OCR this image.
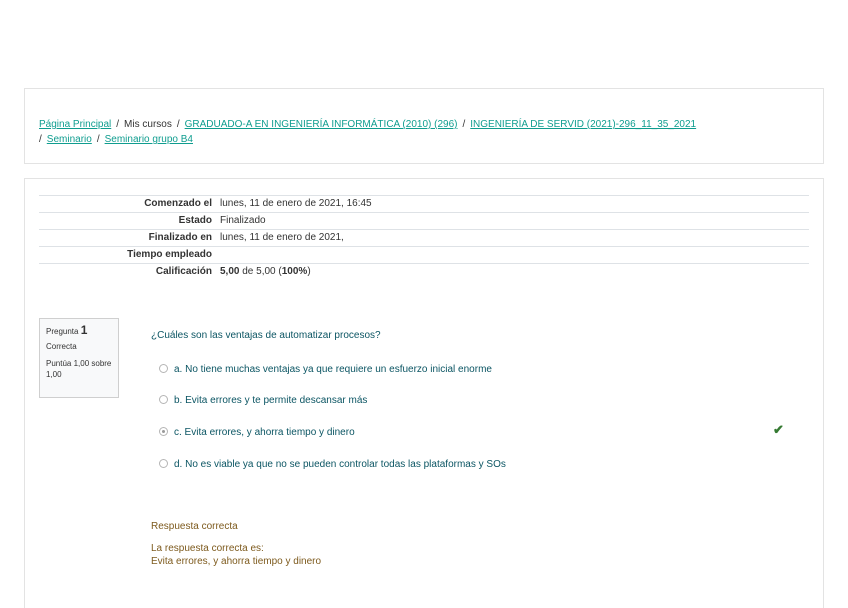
Página Principal / Mis cursos / GRADUADO-A EN INGENIERÍA INFORMÁTICA (2010) (296) / INGENIERÍA DE SERVID (2021)-296_11_35_2021
/ Seminario / Seminario grupo B4
Comenzado el	lunes, 11 de enero de 2021, 16:45
Estado	Finalizado
Finalizado en	lunes, 11 de enero de 2021,
Tiempo empleado	
Calificación	5,00 de 5,00 (100%)
Pregunta 1
Correcta
Puntúa 1,00 sobre 1,00
¿Cuáles son las ventajas de automatizar procesos?
a. No tiene muchas ventajas ya que requiere un esfuerzo inicial enorme
b. Evita errores y te permite descansar más
c. Evita errores, y ahorra tiempo y dinero
d. No es viable ya que no se pueden controlar todas las plataformas y SOs
✔
Respuesta correcta
La respuesta correcta es:
Evita errores, y ahorra tiempo y dinero
